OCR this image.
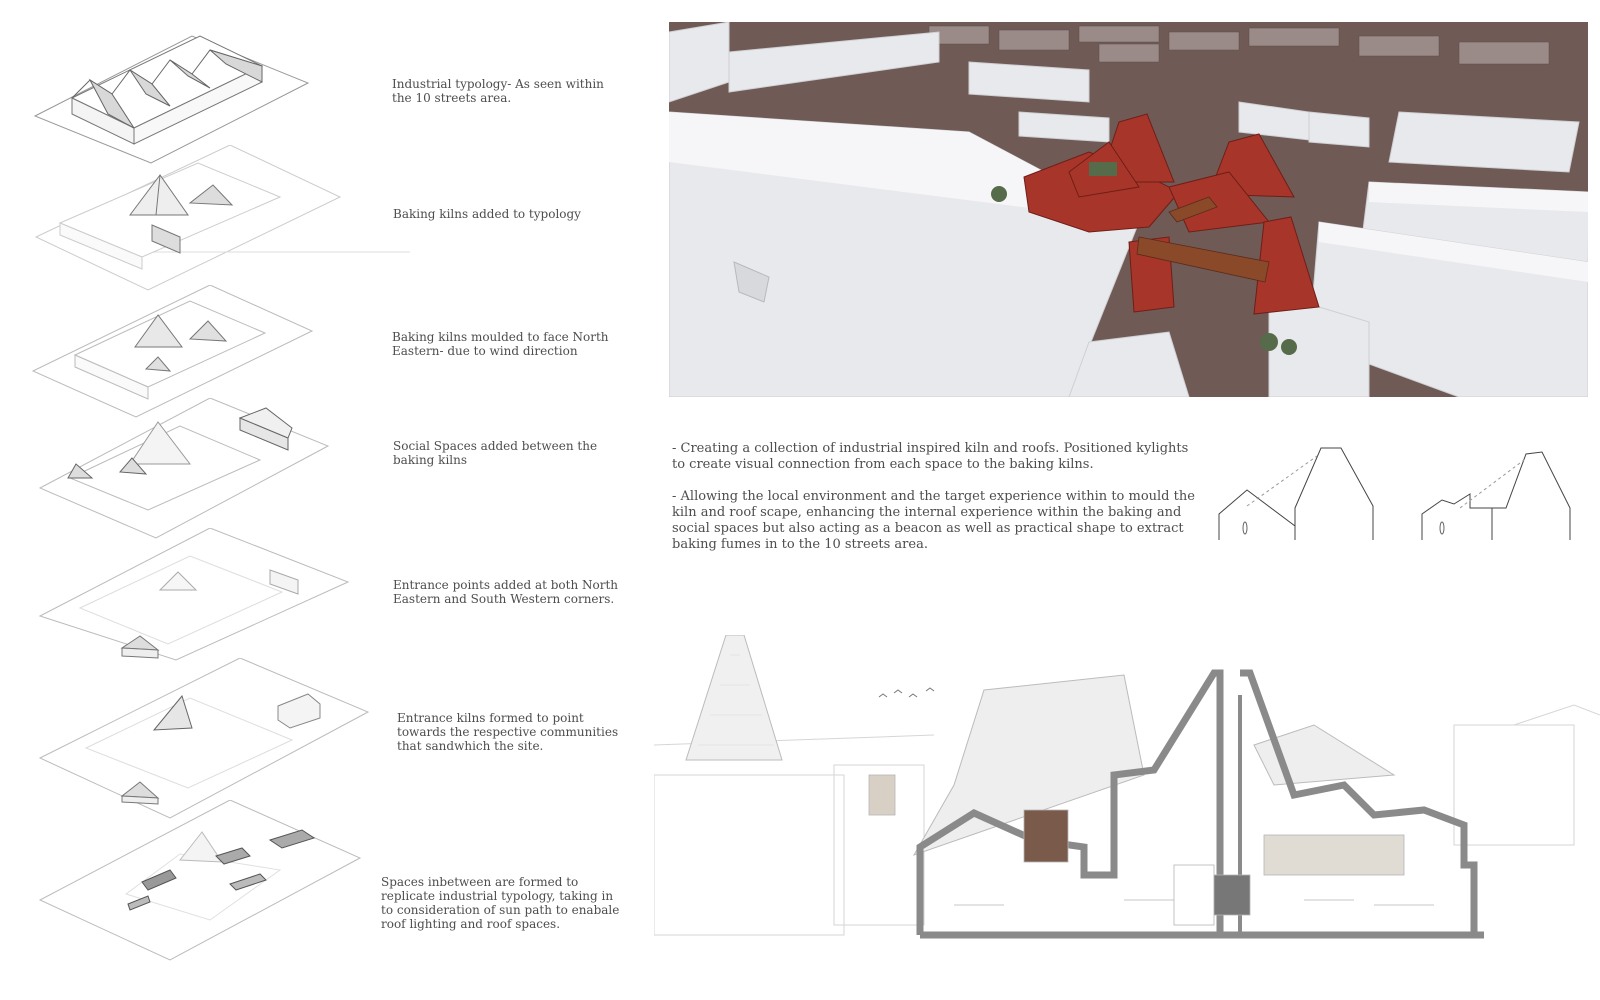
Industrial typology- As seen within the 10 streets area.
Baking kilns added to typology
Baking kilns moulded to face North Eastern- due to wind direction
Social Spaces added between the baking kilns
Entrance points added at both North Eastern and South Western corners.
Entrance kilns formed to point towards the respective communities that sandwhich the site.
Spaces inbetween are formed to replicate industrial typology, taking in to consideration of sun path to enabale roof lighting and roof spaces.
- Creating a collection of industrial inspired kiln and roofs. Positioned kylights to create visual connection from each space to the baking kilns.
- Allowing the local environment and the target experience within to mould the kiln and roof scape, enhancing the internal experience within the baking and social spaces but also acting as a beacon as well as practical shape to extract baking fumes in to the 10 streets area.
